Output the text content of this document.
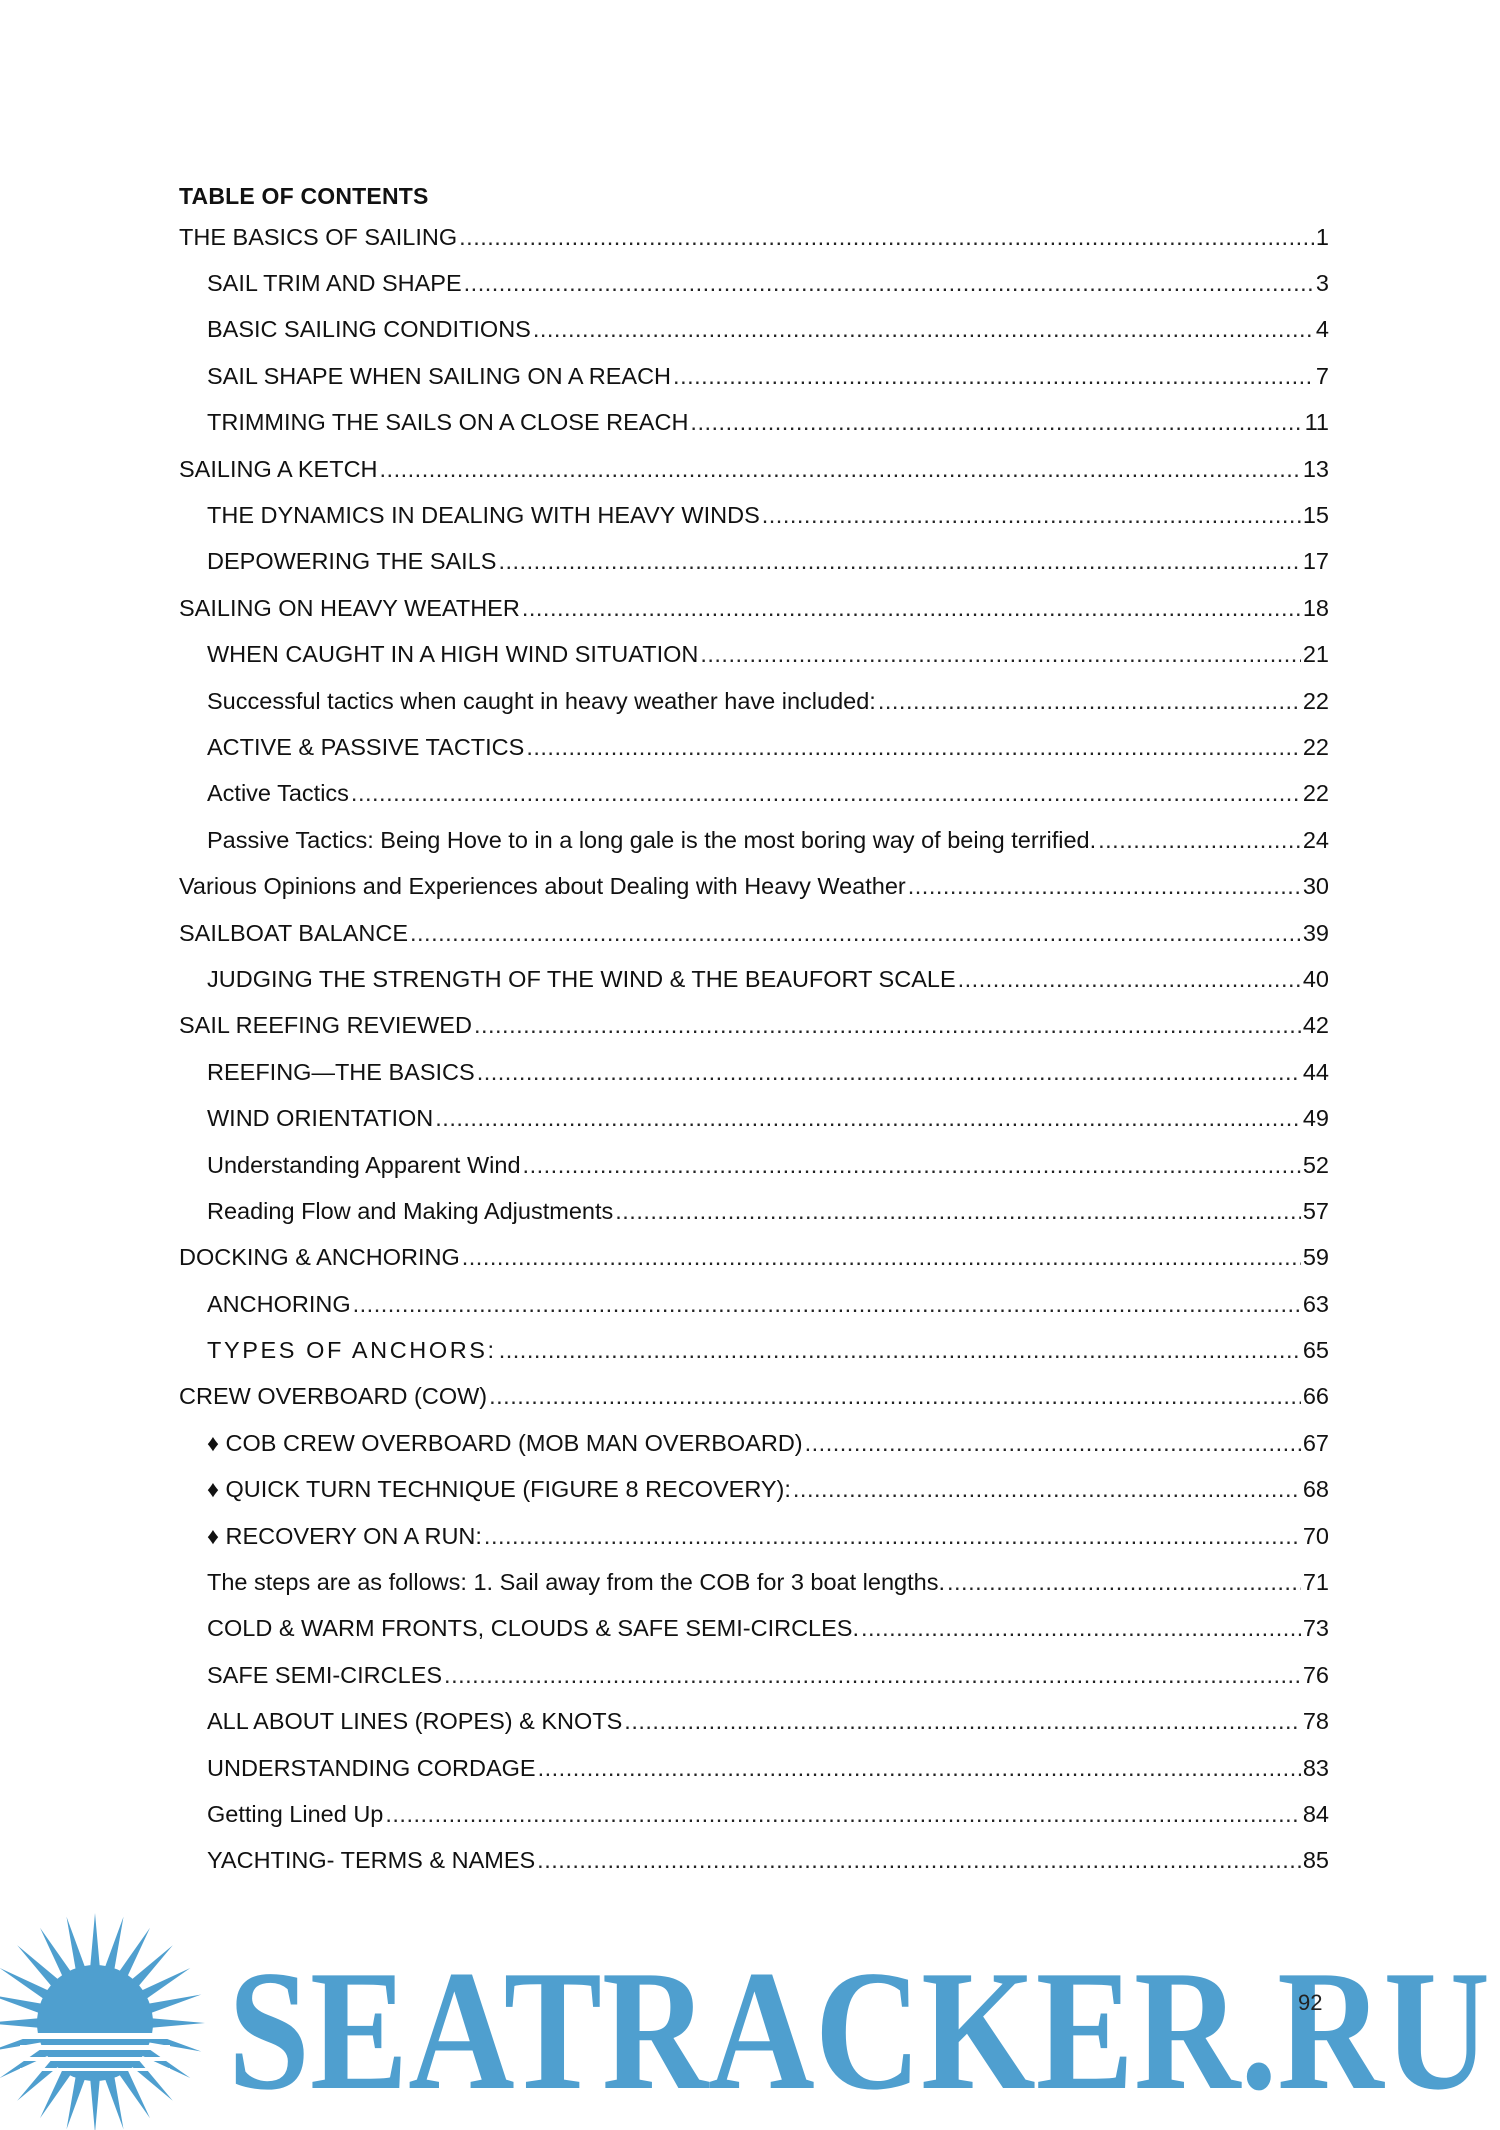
TABLE OF CONTENTS
THE BASICS OF SAILING .....	1
SAIL TRIM AND SHAPE .....	3
BASIC SAILING CONDITIONS .....	4
SAIL SHAPE WHEN SAILING ON A REACH .....	7
TRIMMING THE SAILS ON A CLOSE REACH .....	11
SAILING A KETCH .....	13
THE DYNAMICS IN DEALING WITH HEAVY WINDS .....	15
DEPOWERING THE SAILS .....	17
SAILING ON HEAVY WEATHER .....	18
WHEN CAUGHT IN A HIGH WIND SITUATION .....	21
Successful tactics when caught in heavy weather have included: .....	22
ACTIVE & PASSIVE TACTICS .....	22
Active Tactics .....	22
Passive Tactics: Being Hove to in a long gale is the most boring way of being terrified. .....	24
Various Opinions and Experiences about Dealing with Heavy Weather .....	30
SAILBOAT BALANCE .....	39
JUDGING THE STRENGTH OF THE WIND & THE BEAUFORT SCALE .....	40
SAIL REEFING REVIEWED .....	42
REEFING—THE BASICS .....	44
WIND ORIENTATION .....	49
Understanding Apparent Wind .....	52
Reading Flow and Making Adjustments .....	57
DOCKING & ANCHORING .....	59
ANCHORING .....	63
TYPES OF ANCHORS: .....	65
CREW OVERBOARD (COW) .....	66
♦ COB CREW OVERBOARD (MOB MAN OVERBOARD) .....	67
♦ QUICK TURN TECHNIQUE (FIGURE 8 RECOVERY): .....	68
♦ RECOVERY ON A RUN: .....	70
The steps are as follows: 1. Sail away from the COB for 3 boat lengths. .....	71
COLD & WARM FRONTS, CLOUDS & SAFE SEMI-CIRCLES. .....	73
SAFE SEMI-CIRCLES .....	76
ALL ABOUT LINES (ROPES) & KNOTS .....	78
UNDERSTANDING CORDAGE .....	83
Getting Lined Up .....	84
YACHTING- TERMS & NAMES .....	85
SEATRACKER.RU
92
